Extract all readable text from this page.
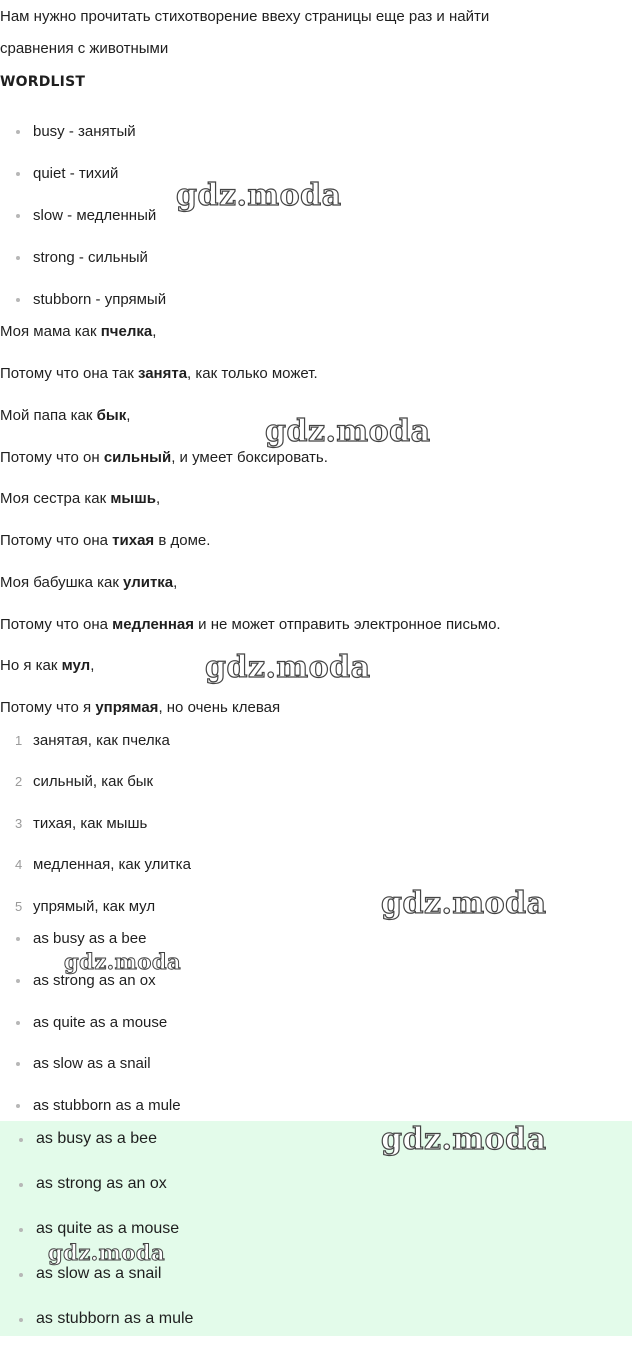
Нам нужно прочитать стихотворение ввеху страницы еще раз и найти
сравнения с животными
WORDLIST
busy - занятый
quiet - тихий
slow - медленный
strong - сильный
stubborn - упрямый
Моя мама как пчелка,
Потому что она так занята, как только может.
Мой папа как бык,
Потому что он сильный, и умеет боксировать.
Моя сестра как мышь,
Потому что она тихая в доме.
Моя бабушка как улитка,
Потому что она медленная и не может отправить электронное письмо.
Но я как мул,
Потому что я упрямая, но очень клевая
1 занятая, как пчелка
2 сильный, как бык
3 тихая, как мышь
4 медленная, как улитка
5 упрямый, как мул
as busy as a bee
as strong as an ox
as quite as a mouse
as slow as a snail
as stubborn as a mule
as busy as a bee
as strong as an ox
as quite as a mouse
as slow as a snail
as stubborn as a mule
gdz.moda
gdz.moda
gdz.moda
gdz.moda
gdz.moda
gdz.moda
gdz.moda
